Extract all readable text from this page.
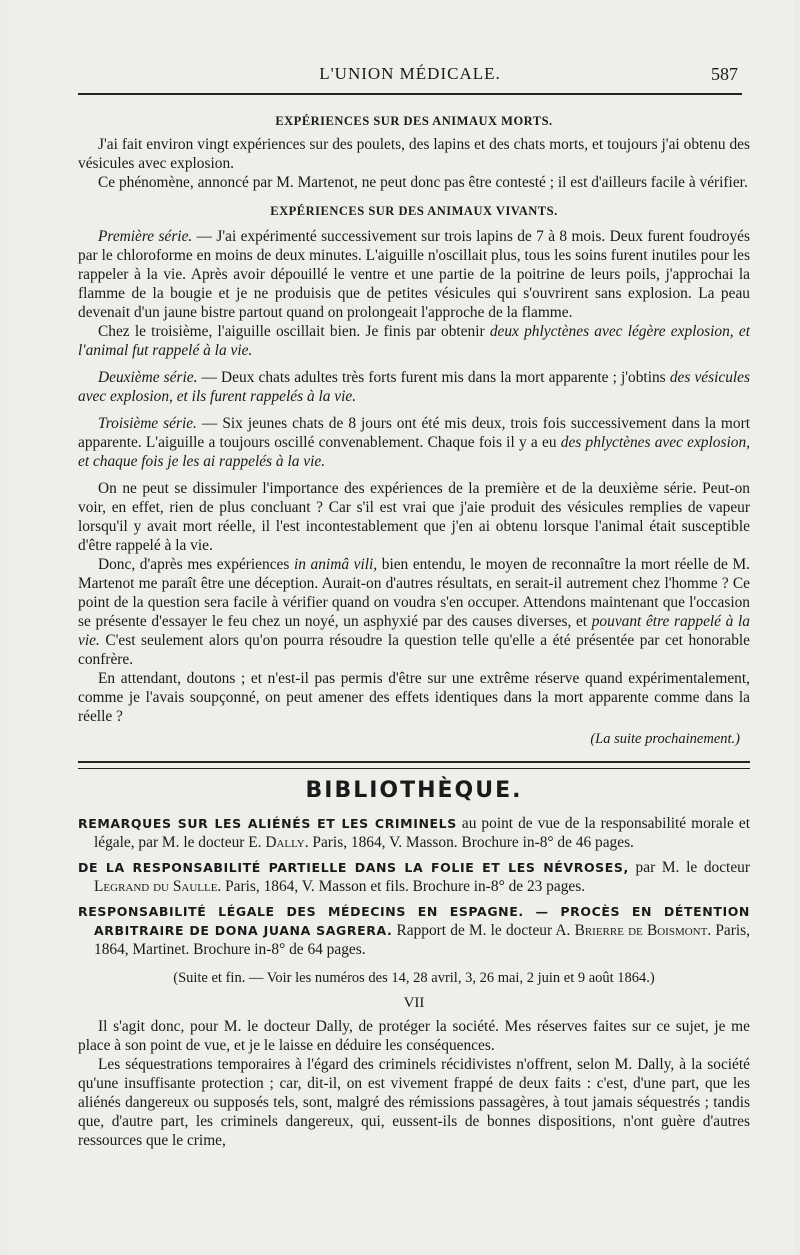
L'UNION MÉDICALE.	587
EXPÉRIENCES SUR DES ANIMAUX MORTS.

J'ai fait environ vingt expériences sur des poulets, des lapins et des chats morts, et toujours j'ai obtenu des vésicules avec explosion.

Ce phénomène, annoncé par M. Martenot, ne peut donc pas être contesté ; il est d'ailleurs facile à vérifier.

EXPÉRIENCES SUR DES ANIMAUX VIVANTS.

Première série. — J'ai expérimenté successivement sur trois lapins de 7 à 8 mois. Deux furent foudroyés par le chloroforme en moins de deux minutes. L'aiguille n'oscillait plus, tous les soins furent inutiles pour les rappeler à la vie. Après avoir dépouillé le ventre et une partie de la poitrine de leurs poils, j'approchai la flamme de la bougie et je ne produisis que de petites vésicules qui s'ouvrirent sans explosion. La peau devenait d'un jaune bistre partout quand on prolongeait l'approche de la flamme.

Chez le troisième, l'aiguille oscillait bien. Je finis par obtenir deux phlyctènes avec légère explosion, et l'animal fut rappelé à la vie.

Deuxième série. — Deux chats adultes très forts furent mis dans la mort apparente ; j'obtins des vésicules avec explosion, et ils furent rappelés à la vie.

Troisième série. — Six jeunes chats de 8 jours ont été mis deux, trois fois successivement dans la mort apparente. L'aiguille a toujours oscillé convenablement. Chaque fois il y a eu des phlyctènes avec explosion, et chaque fois je les ai rappelés à la vie.

On ne peut se dissimuler l'importance des expériences de la première et de la deuxième série. Peut-on voir, en effet, rien de plus concluant ? Car s'il est vrai que j'aie produit des vésicules remplies de vapeur lorsqu'il y avait mort réelle, il l'est incontestablement que j'en ai obtenu lorsque l'animal était susceptible d'être rappelé à la vie.

Donc, d'après mes expériences in animâ vili, bien entendu, le moyen de reconnaître la mort réelle de M. Martenot me paraît être une déception. Aurait-on d'autres résultats, en serait-il autrement chez l'homme ? Ce point de la question sera facile à vérifier quand on voudra s'en occuper. Attendons maintenant que l'occasion se présente d'essayer le feu chez un noyé, un asphyxié par des causes diverses, et pouvant être rappelé à la vie. C'est seulement alors qu'on pourra résoudre la question telle qu'elle a été présentée par cet honorable confrère.

En attendant, doutons ; et n'est-il pas permis d'être sur une extrême réserve quand expérimentalement, comme je l'avais soupçonné, on peut amener des effets identiques dans la mort apparente comme dans la réelle ?

(La suite prochainement.)
BIBLIOTHÈQUE.

REMARQUES SUR LES ALIÉNÉS ET LES CRIMINELS au point de vue de la responsabilité morale et légale, par M. le docteur E. Dally. Paris, 1864, V. Masson. Brochure in-8° de 46 pages.

DE LA RESPONSABILITÉ PARTIELLE DANS LA FOLIE ET LES NÉVROSES, par M. le docteur Legrand du Saulle. Paris, 1864, V. Masson et fils. Brochure in-8° de 23 pages.

RESPONSABILITÉ LÉGALE DES MÉDECINS EN ESPAGNE. — PROCÈS EN DÉTENTION ARBITRAIRE DE DONA JUANA SAGRERA. Rapport de M. le docteur A. Brierre de Boismont. Paris, 1864, Martinet. Brochure in-8° de 64 pages.

(Suite et fin. — Voir les numéros des 14, 28 avril, 3, 26 mai, 2 juin et 9 août 1864.)
VII

Il s'agit donc, pour M. le docteur Dally, de protéger la société. Mes réserves faites sur ce sujet, je me place à son point de vue, et je le laisse en déduire les conséquences.

Les séquestrations temporaires à l'égard des criminels récidivistes n'offrent, selon M. Dally, à la société qu'une insuffisante protection ; car, dit-il, on est vivement frappé de deux faits : c'est, d'une part, que les aliénés dangereux ou supposés tels, sont, malgré des rémissions passagères, à tout jamais séquestrés ; tandis que, d'autre part, les criminels dangereux, qui, eussent-ils de bonnes dispositions, n'ont guère d'autres ressources que le crime,
